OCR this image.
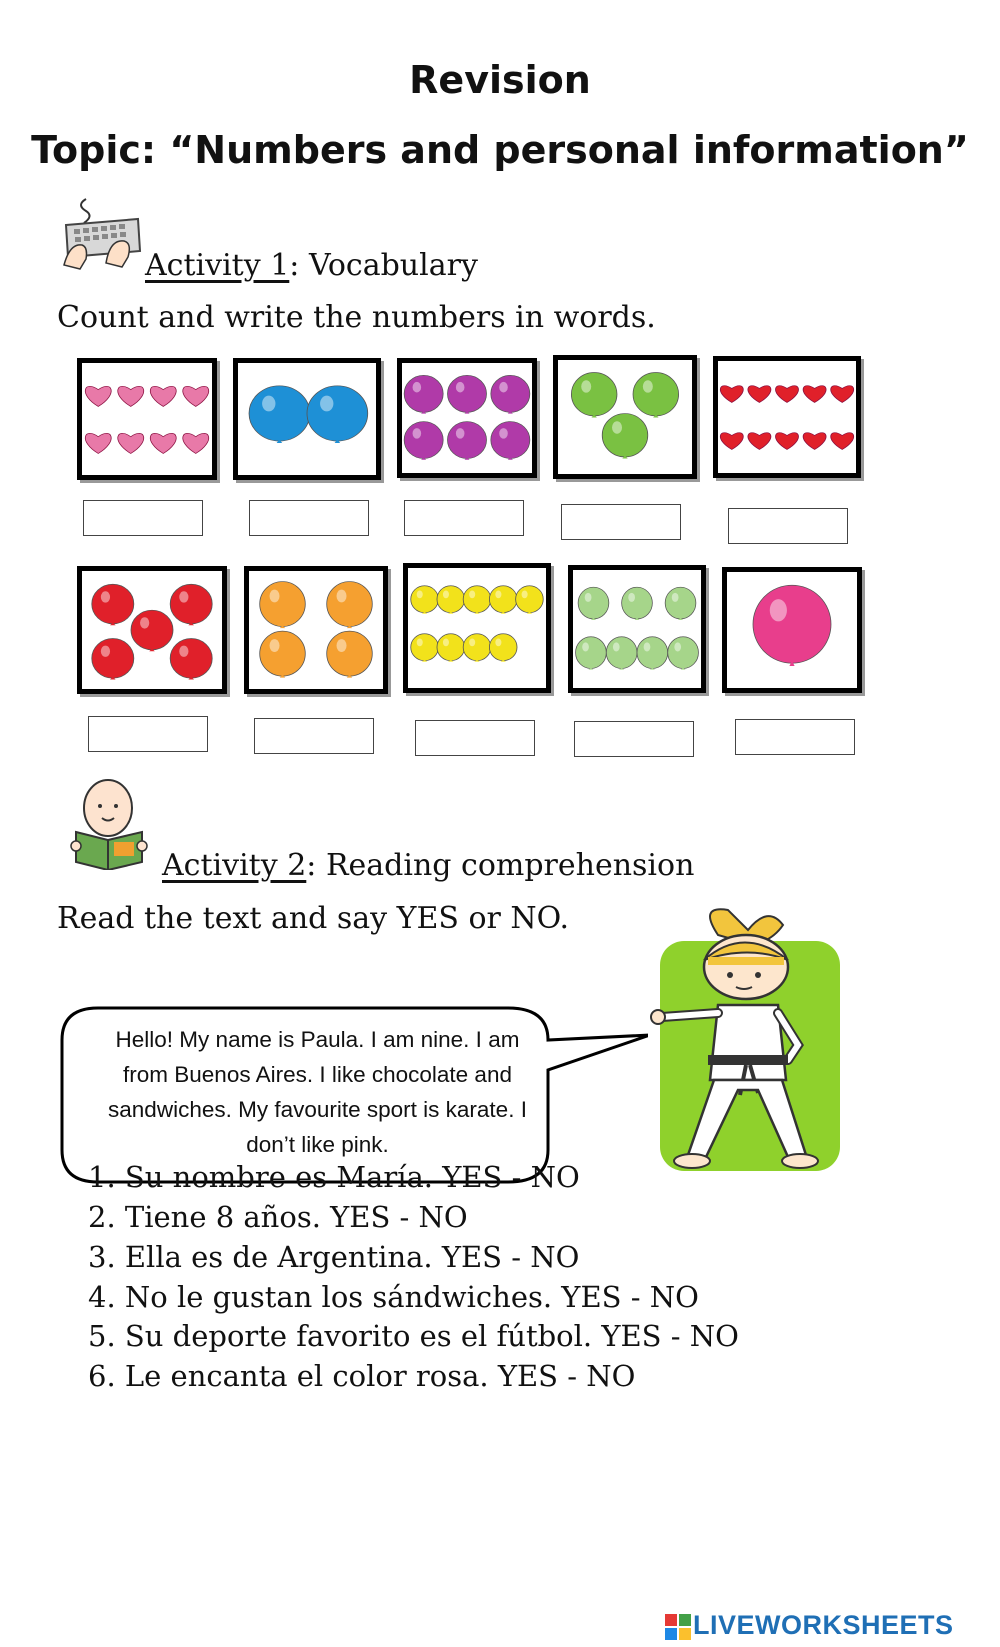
Revision
Topic: “Numbers and personal information”
Activity 1: Vocabulary
Count and write the numbers in words.
Activity 2: Reading comprehension
Read the text and say YES or NO.
Hello! My name is Paula. I am nine. I am
from Buenos Aires. I like chocolate and
sandwiches. My favourite sport is karate. I
don’t like pink.
1. Su nombre es María. YES - NO
2. Tiene 8 años. YES - NO
3. Ella es de Argentina. YES - NO
4. No le gustan los sándwiches. YES - NO
5. Su deporte favorito es el fútbol. YES - NO
6. Le encanta el color rosa. YES - NO
LIVEWORKSHEETS
